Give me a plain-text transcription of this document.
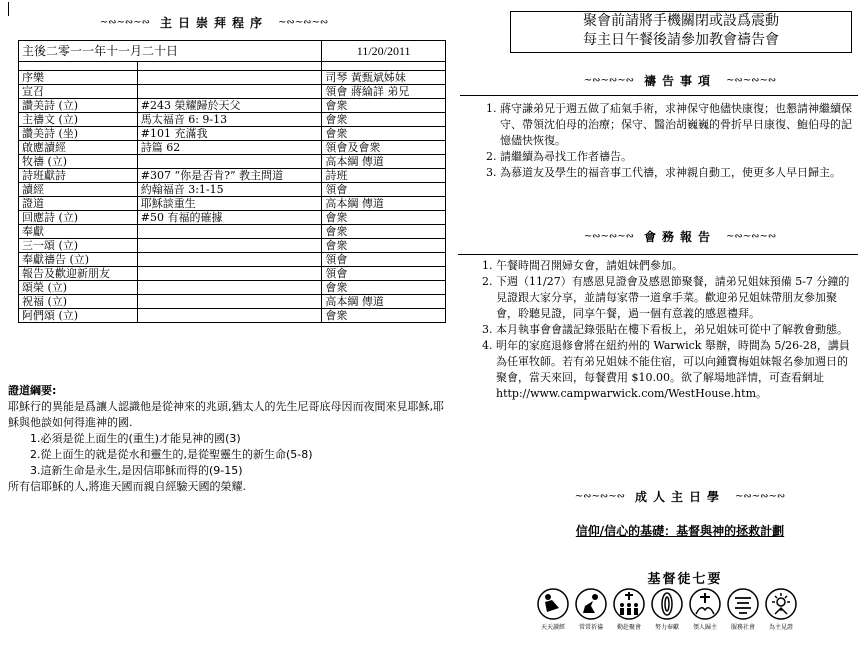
∼∾∼∾∼∾
主日崇拜程序
∼∾∼∾∼∾
主後二零一一年十一月二十日		11/20/2011

序樂		司琴 黃甄斌姊妹
宣召		領會 蔣綸詳 弟兄
讚美詩 (立)	#243 榮耀歸於天父	會衆
主禱文 (立)	馬太福音 6: 9-13	會衆
讚美詩 (坐)	#101 充滿我	會衆
啟應讀經	詩篇 62	領會及會衆
牧禱 (立)		高本綱 傳道
詩班獻詩	#307 “你是否肯?” 教主問道	詩班
讀經	約翰福音 3:1-15	領會
證道	耶穌談重生	高本綱 傳道
回應詩 (立)	#50 有福的確據	會衆
奉獻		會衆
三一頌 (立)		會衆
奉獻禱告 (立)		領會
報告及歡迎新朋友		領會
頌榮 (立)		會衆
祝福 (立)		高本綱 傳道
阿們頌 (立)		會衆
證道綱要:
耶穌行的異能是爲讓人認識他是從神來的兆頭,猶太人的先生尼哥底母因而夜間來見耶穌,耶穌與他談如何得進神的國.
1.必須是從上面生的(重生)才能見神的國(3)
2.從上面生的就是從水和靈生的,是從聖靈生的新生命(5-8)
3.這新生命是永生,是因信耶穌而得的(9-15)
所有信耶穌的人,將進天國而親自經驗天國的榮耀.
聚會前請將手機關閉或設爲震動
每主日午餐後請參加教會禱告會
∼∾∼∾∼∾
禱告事項
∼∾∼∾∼∾
1. 蔣守謙弟兄于週五做了疝氣手術，求神保守他儘快康復；也懇請神繼續保守、帶領沈伯母的治療；保守、醫治胡巍巍的骨折早日康復、鮑伯母的記憶儘快恢復。
2. 請繼續為尋找工作者禱告。
3. 為慕道友及學生的福音事工代禱，求神親自動工，使更多人早日歸主。
∼∾∼∾∼∾
會務報告
∼∾∼∾∼∾
1. 午餐時間召開婦女會，請姐妹們參加。
2. 下週（11/27）有感恩見證會及感恩節聚餐，請弟兄姐妹預備 5-7 分鐘的見證跟大家分享，並請每家帶一道拿手菜。歡迎弟兄姐妹帶朋友參加聚會，聆聽見證，同享午餐，過一個有意義的感恩禮拜。
3. 本月執事會會議記錄張貼在樓下看板上，弟兄姐妹可從中了解教會動態。
4. 明年的家庭退修會將在紐約州的 Warwick 舉辦，時間為 5/26-28，講員為任軍牧師。若有弟兄姐妹不能住宿，可以向鍾寶梅姐妹報名參加週日的聚會，當天來回，每餐費用 $10.00。欲了解場地詳情，可查看網址 http://www.campwarwick.com/WestHouse.htm。
∼∾∼∾∼∾
成人主日學
∼∾∼∾∼∾
信仰/信心的基礎：基督與神的拯救計劃
基督徒七要
天天讀經 常常祈禱 勤赴聚會 努力奉獻 領人歸主 服務社會 為主見證
